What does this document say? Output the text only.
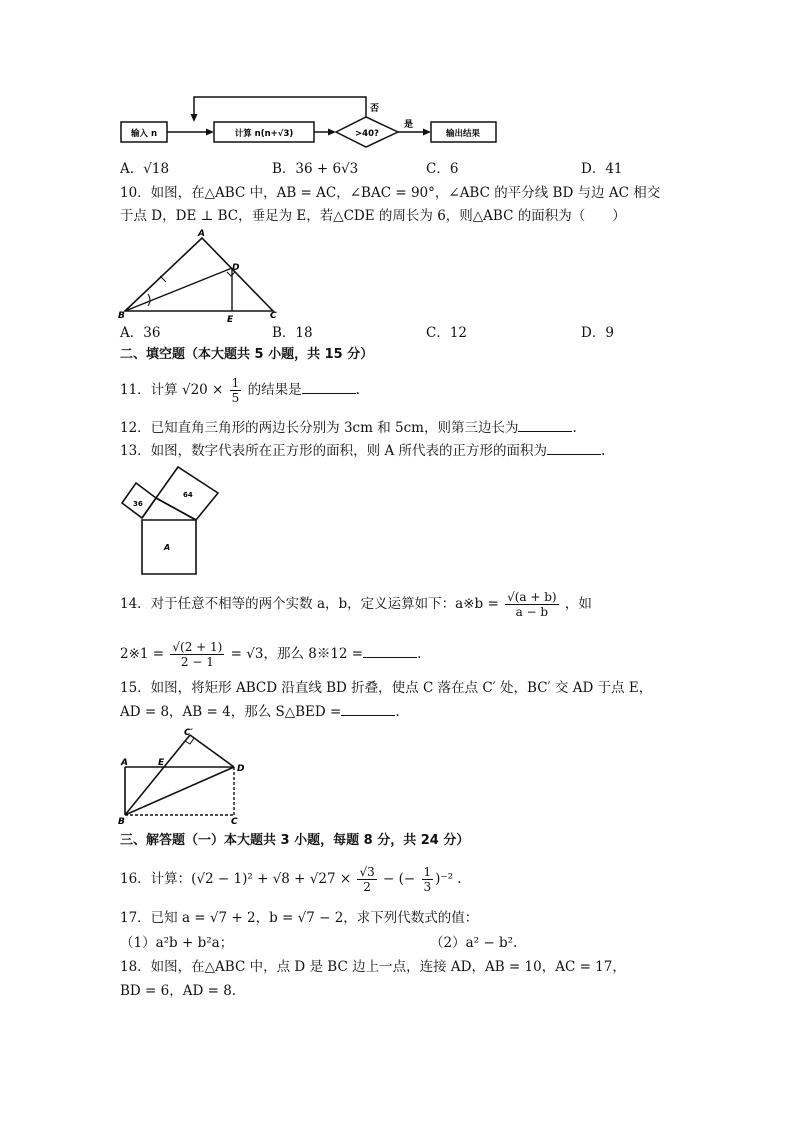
输入 n	计算 n(n+√3)	>40?
是
输出结果
否
A．√18	B．36 + 6√3	C．6	D．41
10．如图，在△ABC 中，AB = AC，∠BAC = 90°，∠ABC 的平分线 BD 与边 AC 相交
于点 D，DE ⊥ BC，垂足为 E，若△CDE 的周长为 6，则△ABC 的面积为（　　）
A
B	C
D
E
A．36	B．18	C．12	D．9
二、填空题（本大题共 5 小题，共 15 分）
11．计算 $√20 \times \frac{1}{5}$ 的结果是	.
12．已知直角三角形的两边长分别为 3cm 和 5cm，则第三边长为	.
13．如图，数字代表所在正方形的面积，则 A 所代表的正方形的面积为	.
36
64
A
14．对于任意不相等的两个实数 a，b，定义运算如下：a※b = $\frac{√(a + b)}{a - b}$ ，如
2※1 = $\frac{√(2 + 1)}{2 - 1} = √3$，那么 8※12 =	.
15．如图，将矩形 ABCD 沿直线 BD 折叠，使点 C 落在点 C′ 处，BC′ 交 AD 于点 E，
AD = 8，AB = 4，那么 S△BED =	.
A
B	C
C′
D
E
三、解答题（一）本大题共 3 小题，每题 8 分，共 24 分）
16．计算：$(√2 - 1)^2 + √8 + √27 \times \frac{√3}{2}$ − (− $\frac{1}{3} )^{-2}$ .
17．已知 a = √7 + 2，b = √7 − 2，求下列代数式的值：
（1）a²b + b²a；	（2）a² − b².
18．如图，在△ABC 中，点 D 是 BC 边上一点，连接 AD，AB = 10，AC = 17，
BD = 6，AD = 8.
